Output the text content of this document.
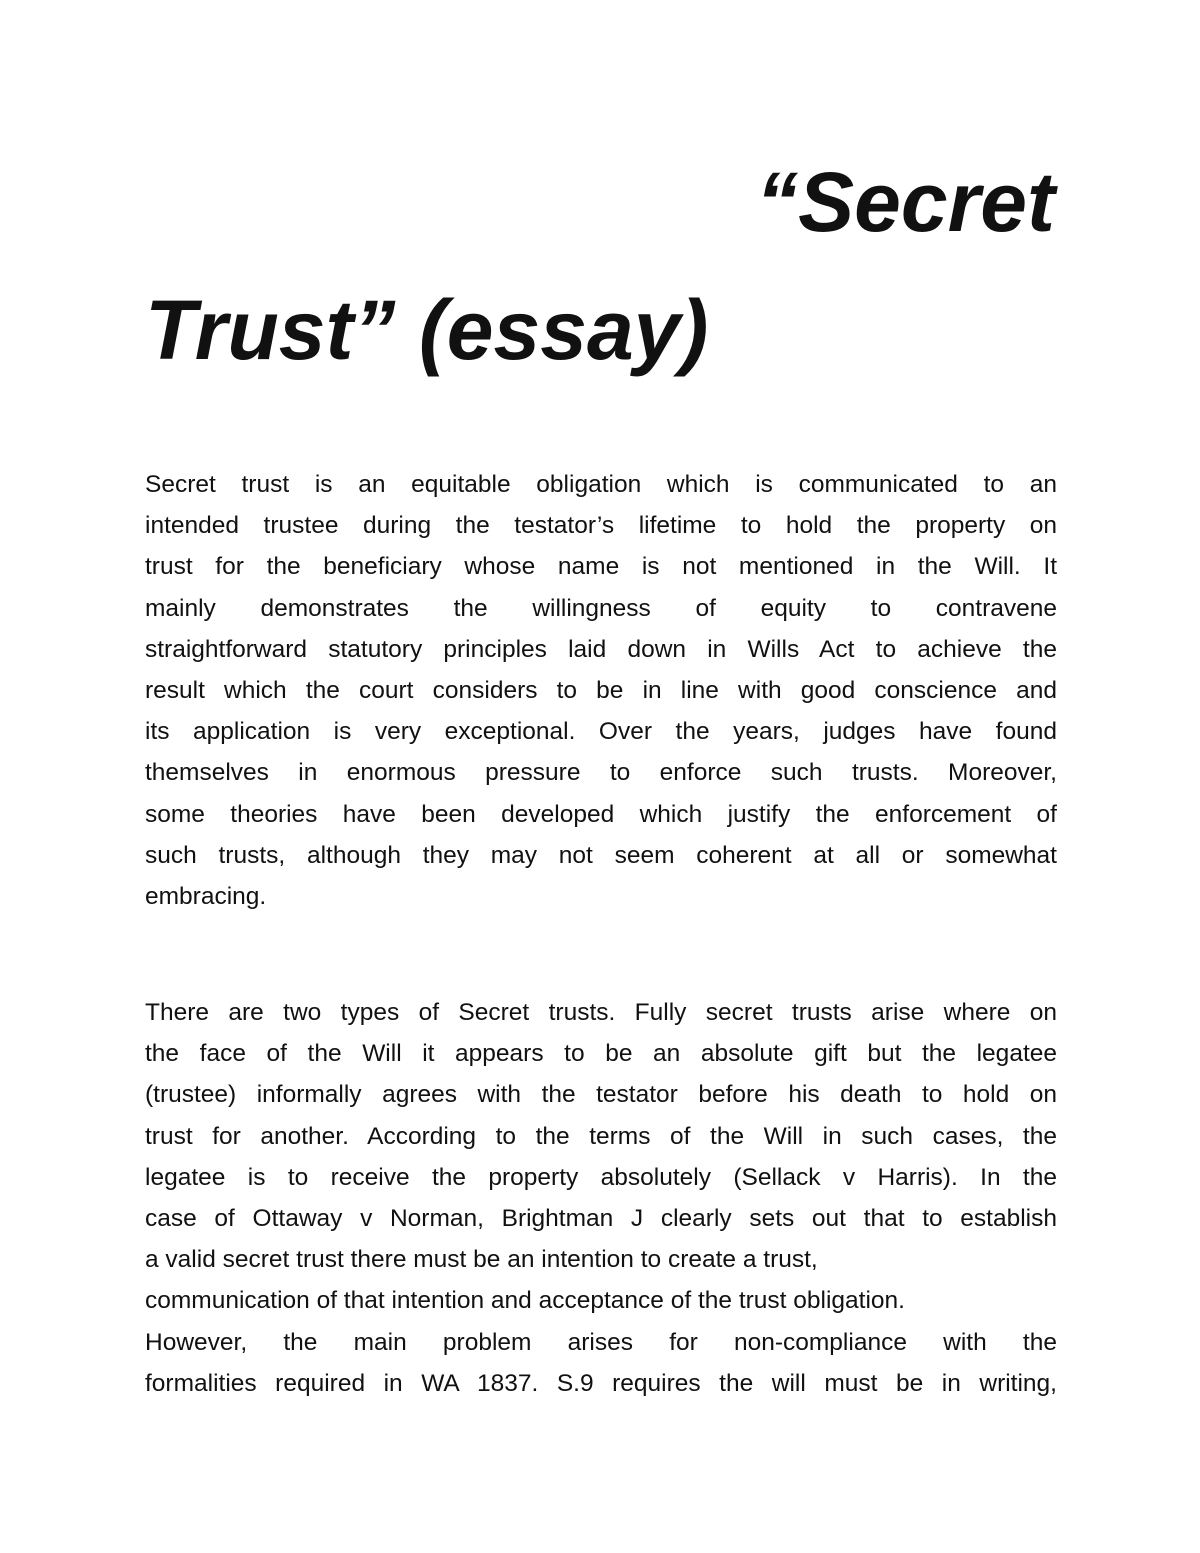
“Secret
Trust” (essay)
Secret trust is an equitable obligation which is communicated to an
intended trustee during the testator’s lifetime to hold the property on
trust for the beneficiary whose name is not mentioned in the Will. It
mainly demonstrates the willingness of equity to contravene
straightforward statutory principles laid down in Wills Act to achieve the
result which the court considers to be in line with good conscience and
its application is very exceptional. Over the years, judges have found
themselves in enormous pressure to enforce such trusts. Moreover,
some theories have been developed which justify the enforcement of
such trusts, although they may not seem coherent at all or somewhat
embracing.
There are two types of Secret trusts. Fully secret trusts arise where on
the face of the Will it appears to be an absolute gift but the legatee
(trustee) informally agrees with the testator before his death to hold on
trust for another. According to the terms of the Will in such cases, the
legatee is to receive the property absolutely (Sellack v Harris). In the
case of Ottaway v Norman, Brightman J clearly sets out that to establish
a valid secret trust there must be an intention to create a trust,
communication of that intention and acceptance of the trust obligation.
However, the main problem arises for non-compliance with the
formalities required in WA 1837. S.9 requires the will must be in writing,
